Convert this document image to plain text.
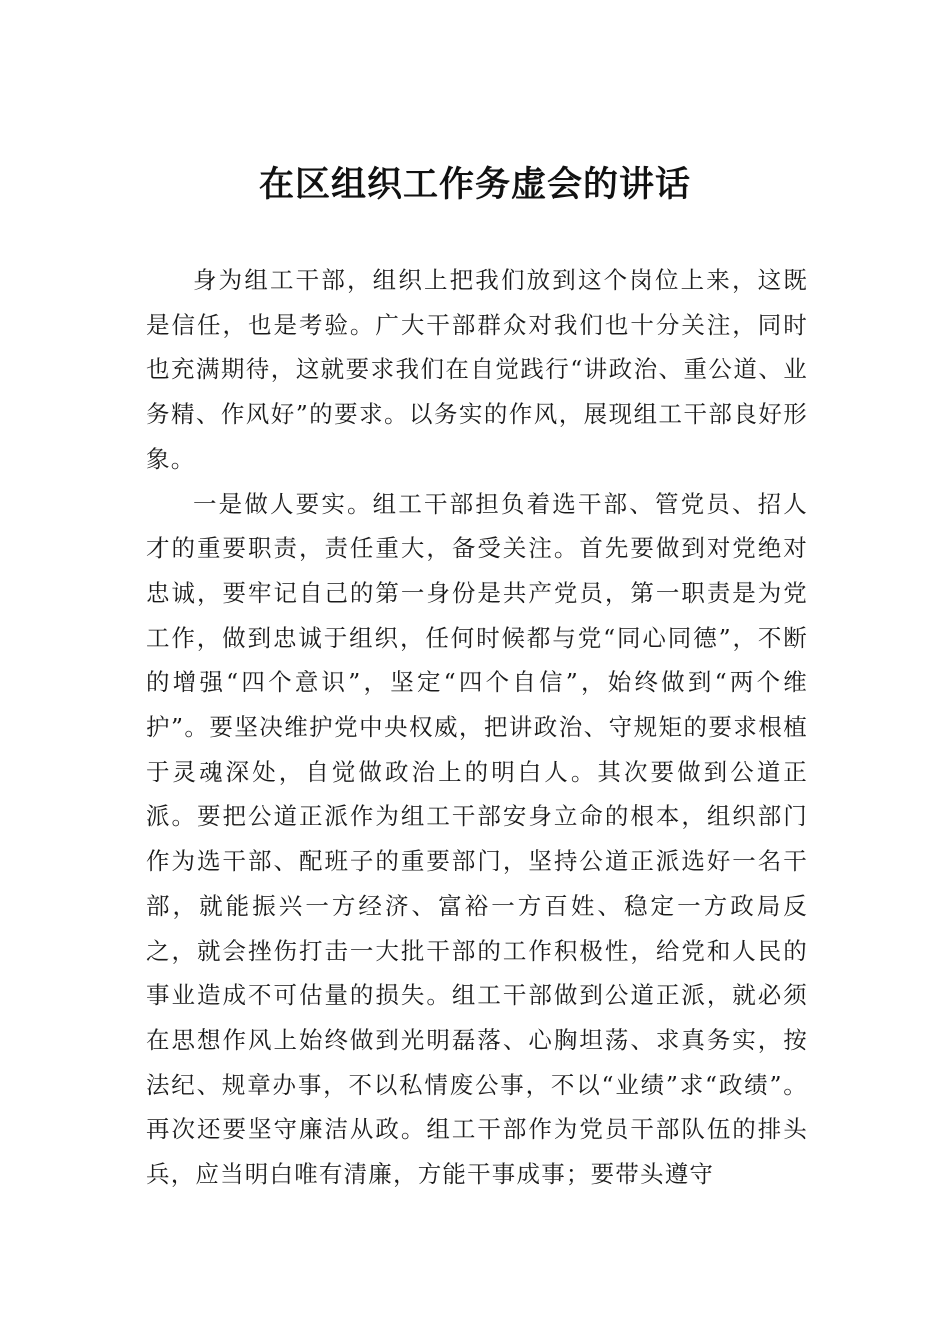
在区组织工作务虚会的讲话

身为组工干部，组织上把我们放到这个岗位上来，这既是信任，也是考验。广大干部群众对我们也十分关注，同时也充满期待，这就要求我们在自觉践行“讲政治、重公道、业务精、作风好”的要求。以务实的作风，展现组工干部良好形象。

一是做人要实。组工干部担负着选干部、管党员、招人才的重要职责，责任重大，备受关注。首先要做到对党绝对忠诚，要牢记自己的第一身份是共产党员，第一职责是为党工作，做到忠诚于组织，任何时候都与党“同心同德”，不断的增强“四个意识”，坚定“四个自信”，始终做到“两个维护”。要坚决维护党中央权威，把讲政治、守规矩的要求根植于灵魂深处，自觉做政治上的明白人。其次要做到公道正派。要把公道正派作为组工干部安身立命的根本，组织部门作为选干部、配班子的重要部门，坚持公道正派选好一名干部，就能振兴一方经济、富裕一方百姓、稳定一方政局反之，就会挫伤打击一大批干部的工作积极性，给党和人民的事业造成不可估量的损失。组工干部做到公道正派，就必须在思想作风上始终做到光明磊落、心胸坦荡、求真务实，按法纪、规章办事，不以私情废公事，不以“业绩”求“政绩”。再次还要坚守廉洁从政。组工干部作为党员干部队伍的排头兵，应当明白唯有清廉，方能干事成事；要带头遵守
